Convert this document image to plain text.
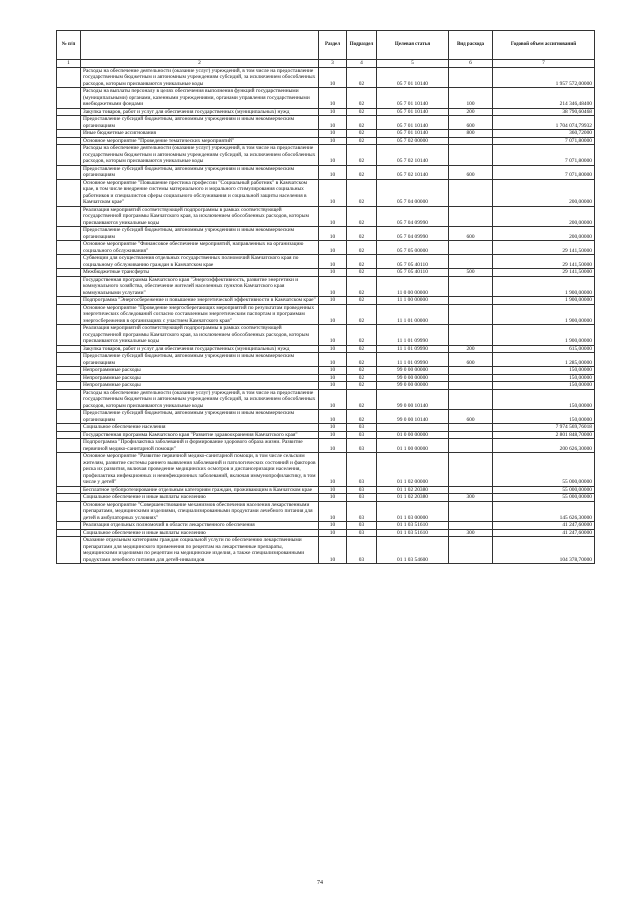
№ п/п		Раздел	Подраздел	Целевая статья	Вид расхода	Годовой объем ассигнований
1	2	3	4	5	6	7
	Расходы на обеспечение деятельности (оказание услуг) учреждений, в том числе на предоставление государственным бюджетным и автономным учреждениям субсидий, за исключением обособленных расходов, которым присваиваются уникальные коды	10	02	05 7 01 10140		1 957 572,00000
	Расходы на выплаты персоналу в целях обеспечения выполнения функций государственными (муниципальными) органами, казенными учреждениями, органами управления государственными внебюджетными фондами	10	02	05 7 01 10140	100	214 346,48400
	Закупка товаров, работ и услуг для обеспечения государственных (муниципальных) нужд	10	02	05 7 01 10140	200	38 790,60468
	Предоставление субсидий бюджетным, автономным учреждениям и иным некоммерческим организациям	10	02	05 7 01 10140	600	1 704 074,79932
	Иные бюджетные ассигнования	10	02	05 7 01 10140	800	360,72000
	Основное мероприятие "Проведение тематических мероприятий"	10	02	05 7 02 00000		7 071,80000
	Расходы на обеспечение деятельности (оказание услуг) учреждений, в том числе на предоставление государственным бюджетным и автономным учреждениям субсидий, за исключением обособленных расходов, которым присваиваются уникальные коды	10	02	05 7 02 10140		7 071,80000
	Предоставление субсидий бюджетным, автономным учреждениям и иным некоммерческим организациям	10	02	05 7 02 10140	600	7 071,80000
	Основное мероприятие "Повышение престижа профессии "Социальный работник" в Камчатском крае, в том числе внедрение системы материального и морального стимулирования социальных работников и специалистов сферы социального обслуживания и социальной защиты населения в Камчатском крае"	10	02	05 7 04 00000		200,00000
	Реализация мероприятий соответствующей подпрограммы в рамках соответствующей государственной программы Камчатского края, за исключением обособленных расходов, которым присваиваются уникальные коды	10	02	05 7 04 09990		200,00000
	Предоставление субсидий бюджетным, автономным учреждениям и иным некоммерческим организациям	10	02	05 7 04 09990	600	200,00000
	Основное мероприятие "Финансовое обеспечение мероприятий, направленных на организацию социального обслуживания"	10	02	05 7 05 00000		29 141,50000
	Субвенции для осуществления отдельных государственных полномочий Камчатского края по социальному обслуживанию граждан в Камчатском крае	10	02	05 7 05 40110		29 141,50000
	Межбюджетные трансферты	10	02	05 7 05 40110	500	29 141,50000
	Государственная программа Камчатского края "Энергоэффективность, развитие энергетики и коммунального хозяйства, обеспечение жителей населенных пунктов Камчатского края коммунальными услугами"	10	02	11 0 00 00000		1 900,00000
	Подпрограмма "Энергосбережение и повышение энергетической эффективности в Камчатском крае"	10	02	11 1 00 00000		1 900,00000
	Основное мероприятие "Проведение энергосберегающих мероприятий по результатам проведенных энергетических обследований согласно составленным энергетическим паспортам и программам энергосбережения в организациях с участием Камчатского края"	10	02	11 1 01 00000		1 900,00000
	Реализация мероприятий соответствующей подпрограммы в рамках соответствующей государственной программы Камчатского края, за исключением обособленных расходов, которым присваиваются уникальные коды	10	02	11 1 01 09990		1 900,00000
	Закупка товаров, работ и услуг для обеспечения государственных (муниципальных) нужд	10	02	11 1 01 09990	200	615,00000
	Предоставление субсидий бюджетным, автономным учреждениям и иным некоммерческим организациям	10	02	11 1 01 09990	600	1 285,00000
	Непрограммные расходы	10	02	99 0 00 00000		150,00000
	Непрограммные расходы	10	02	99 0 00 00000		150,00000
	Непрограммные расходы	10	02	99 0 00 00000		150,00000
	Расходы на обеспечение деятельности (оказание услуг) учреждений, в том числе на предоставление государственным бюджетным и автономным учреждениям субсидий, за исключением обособленных расходов, которым присваиваются уникальные коды	10	02	99 0 00 10140		150,00000
	Предоставление субсидий бюджетным, автономным учреждениям и иным некоммерческим организациям	10	02	99 0 00 10140	600	150,00000
	Социальное обеспечение населения	10	03			7 974 569,76018
	Государственная программа Камчатского края "Развитие здравоохранения Камчатского края"	10	03	01 0 00 00000		2 801 848,70000
	Подпрограмма "Профилактика заболеваний и формирование здорового образа жизни. Развитие первичной медико-санитарной помощи"	10	03	01 1 00 00000		200 626,30000
	Основное мероприятие "Развитие первичной медико-санитарной помощи, в том числе сельским жителям, развитие системы раннего выявления заболеваний и патологических состояний и факторов риска их развития, включая проведение медицинских осмотров и диспансеризации населения, профилактика инфекционных и неинфекционных заболеваний, включая иммунопрофилактику, в том числе у детей"	10	03	01 1 02 00000		55 000,00000
	Бесплатное зубопротезирование отдельным категориям граждан, проживающим в Камчатском крае	10	03	01 1 02 20380		55 000,00000
	Социальное обеспечение и иные выплаты населению	10	03	01 1 02 20380	300	55 000,00000
	Основное мероприятие "Совершенствование механизмов обеспечения населения лекарственными препаратами, медицинскими изделиями, специализированными продуктами лечебного питания для детей в амбулаторных условиях"	10	03	01 1 03 00000		145 626,30000
	Реализация отдельных полномочий в области лекарственного обеспечения	10	03	01 1 03 51610		41 247,60000
	Социальное обеспечение и иные выплаты населению	10	03	01 1 03 51610	300	41 247,60000
	Оказание отдельным категориям граждан социальной услуги по обеспечению лекарственными препаратами для медицинского применения по рецептам на лекарственные препараты, медицинскими изделиями по рецептам на медицинские изделия, а также специализированными продуктами лечебного питания для детей-инвалидов	10	03	01 1 03 54600		104 378,70000
74
